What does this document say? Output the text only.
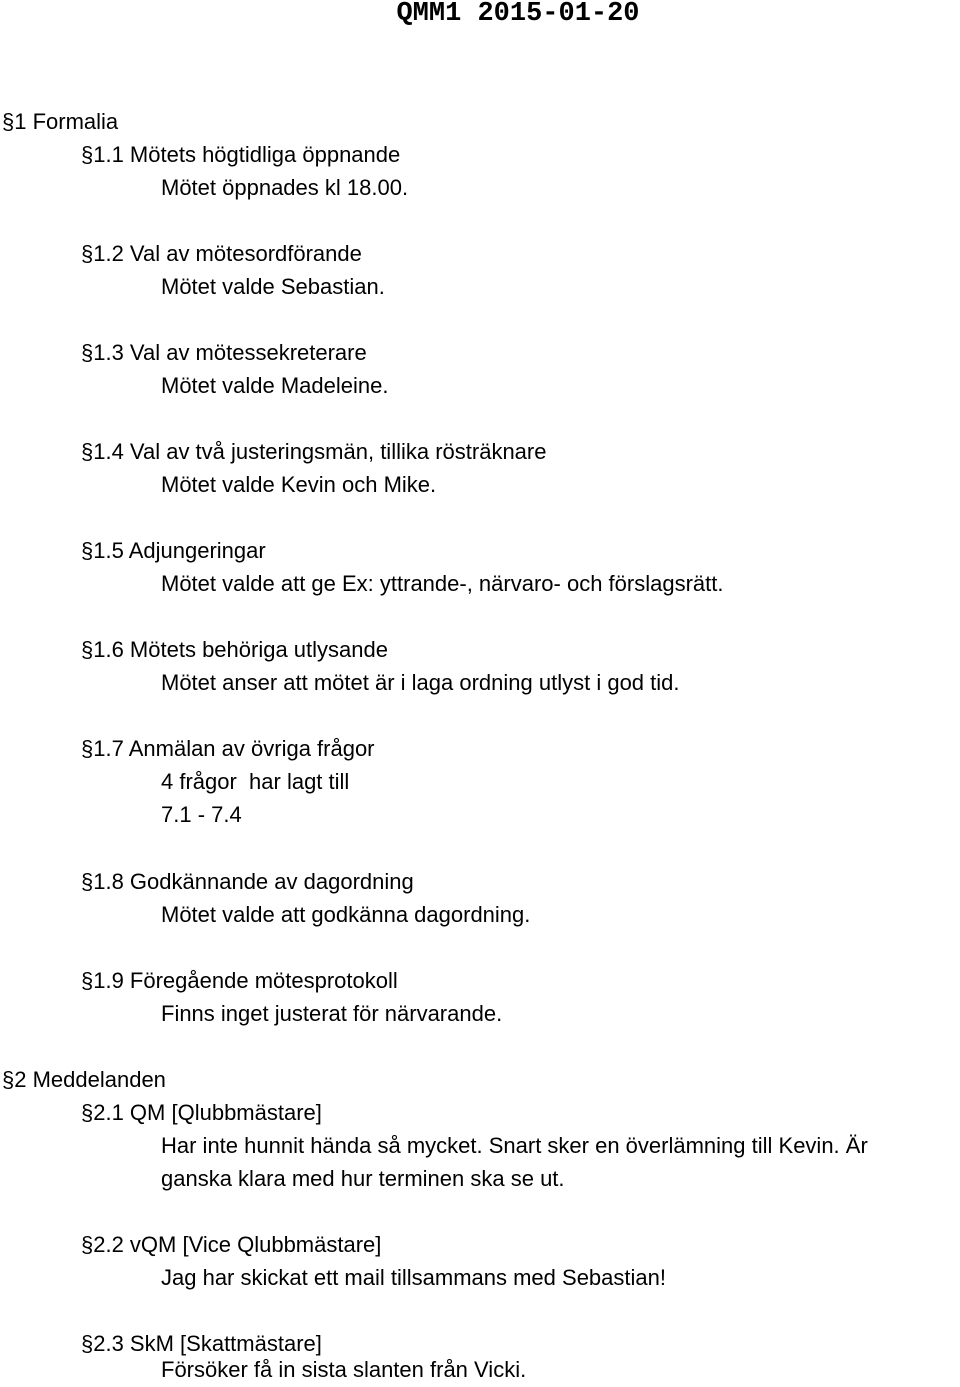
QMM1 2015-01-20
§1 Formalia
§1.1 Mötets högtidliga öppnande
Mötet öppnades kl 18.00.
§1.2 Val av mötesordförande
Mötet valde Sebastian.
§1.3 Val av mötessekreterare
Mötet valde Madeleine.
§1.4 Val av två justeringsmän, tillika rösträknare
Mötet valde Kevin och Mike.
§1.5 Adjungeringar
Mötet valde att ge Ex: yttrande-, närvaro- och förslagsrätt.
§1.6 Mötets behöriga utlysande
Mötet anser att mötet är i laga ordning utlyst i god tid.
§1.7 Anmälan av övriga frågor
4 frågor  har lagt till
7.1 - 7.4
§1.8 Godkännande av dagordning
Mötet valde att godkänna dagordning.
§1.9 Föregående mötesprotokoll
Finns inget justerat för närvarande.
§2 Meddelanden
§2.1 QM [Qlubbmästare]
Har inte hunnit hända så mycket. Snart sker en överlämning till Kevin. Är
ganska klara med hur terminen ska se ut.
§2.2 vQM [Vice Qlubbmästare]
Jag har skickat ett mail tillsammans med Sebastian!
§2.3 SkM [Skattmästare]
Försöker få in sista slanten från Vicki.
